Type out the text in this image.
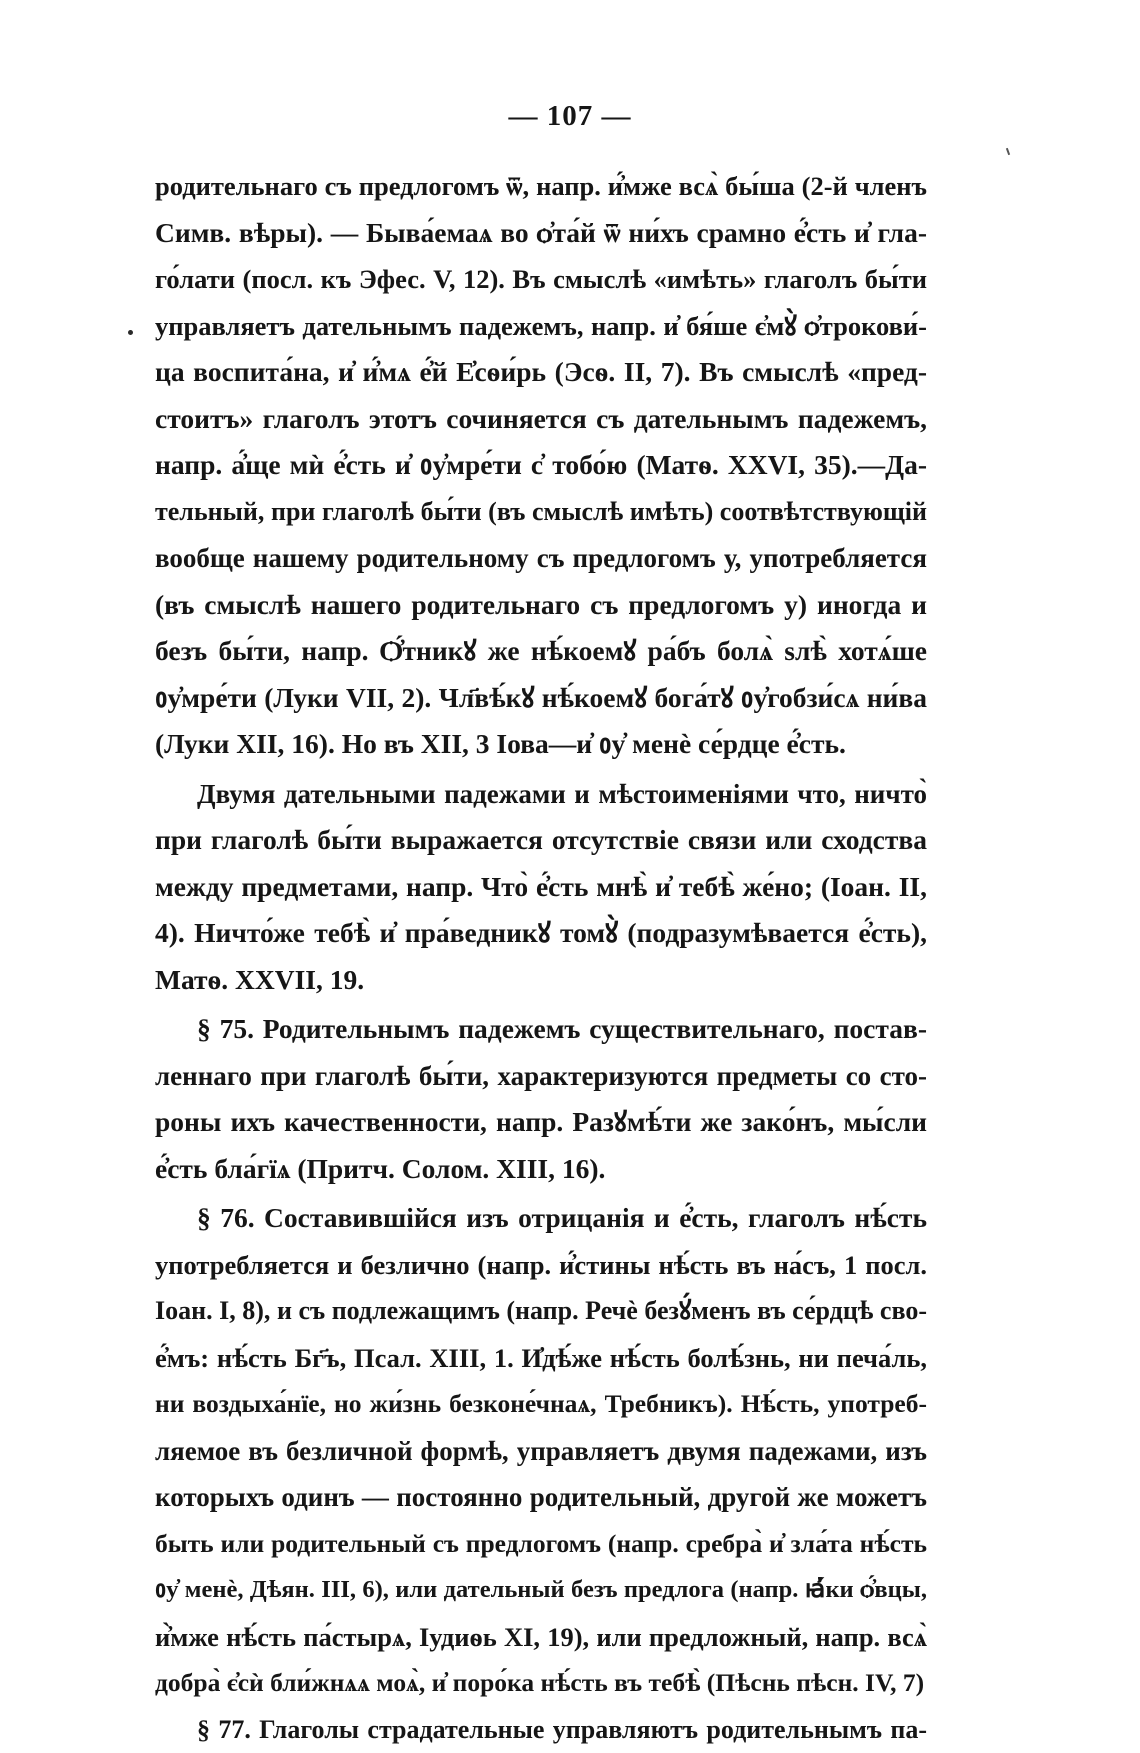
— 107 —
родительнаго съ предлогомъ ѿ, напр. и҆́мже всѧ̀ бы́ша (2-й членъ
Симв. вѣры). — Быва́емаѧ во ѻ҆та́й ѿ ни́хъ срамно е҆́сть и҆ гла-
го́лати (посл. къ Эфес. V, 12). Въ смыслѣ «имѣть» глаголъ бы́ти
управляетъ дательнымъ падежемъ, напр. и҆ бя́ше є҆мꙋ̀ ѻ҆трокови́-
ца воспита́на, и҆ и҆́мѧ е҆́й Е҆сѳи́рь (Эсѳ. II, 7). Въ смыслѣ «пред-
стоитъ» глаголъ этотъ сочиняется съ дательнымъ падежемъ,
напр. а҆́ще мѝ е҆́сть и҆ ᲂу҆мре́ти с҆ тобо́ю (Матѳ. XXVI, 35).—Да-
тельный, при глаголѣ бы́ти (въ смыслѣ имѣть) соотвѣтствующій
вообще нашему родительному съ предлогомъ у, употребляется
(въ смыслѣ нашего родительнаго съ предлогомъ у) иногда и
безъ бы́ти, напр. Ѻ҆́тникꙋ же нѣ́коемꙋ ра́бъ болѧ̀ ѕлѣ̀ хотѧ́ше
ᲂу҆мре́ти (Луки VII, 2). Чл҃вѣ́кꙋ нѣ́коемꙋ бога́тꙋ ᲂу҆гобзи́сѧ ни́ва
(Луки XII, 16). Но въ XII, 3 Іова—и҆ ᲂу҆ менѐ се́рдце е҆́сть.
Двумя дательными падежами и мѣстоименіями что, ничто̀
при глаголѣ бы́ти выражается отсутствіе связи или сходства
между предметами, напр. Что̀ е҆́сть мнѣ̀ и҆ тебѣ̀ же́но; (Іоан. II,
4). Ничто́же тебѣ̀ и҆ пра́ведникꙋ томꙋ̀ (подразумѣвается е҆́сть),
Матѳ. XXVII, 19.
§ 75. Родительнымъ падежемъ существительнаго, постав-
леннаго при глаголѣ бы́ти, характеризуются предметы со сто-
роны ихъ качественности, напр. Разꙋмѣ́ти же зако́нъ, мы́сли
е҆́сть бла́гїѧ (Притч. Солом. XIII, 16).
§ 76. Составившійся изъ отрицанія и е҆́сть, глаголъ нѣ́сть
употребляется и безлично (напр. и҆́стины нѣ́сть въ на́съ, 1 посл.
Іоан. I, 8), и съ подлежащимъ (напр. Речѐ безꙋ́менъ въ се́рдцѣ сво-
е҆́мъ: нѣ́сть Бг҃ъ, Псал. XIII, 1. И҆дѣ́же нѣ́сть болѣ́знь, ни печа́ль,
ни воздыха́нїе, но жи́знь безконе́чнаѧ, Требникъ). Нѣ́сть, употреб-
ляемое въ безличной формѣ, управляетъ двумя падежами, изъ
которыхъ одинъ — постоянно родительный, другой же можетъ
быть или родительный съ предлогомъ (напр. сребра̀ и҆ зла́та нѣ́сть
ᲂу҆ менѐ, Дѣян. III, 6), или дательный безъ предлога (напр. ꙗ҆́ки ѻ҆́вцы,
и҆̀мже нѣ́сть па́стырѧ, Іудиѳь XI, 19), или предложный, напр. всѧ̀
добра̀ є҆сѝ бли́жнѧѧ моѧ̀, и҆ поро́ка нѣ́сть въ тебѣ̀ (Пѣснь пѣсн. IV, 7)
§ 77. Глаголы страдательные управляютъ родительнымъ па-
